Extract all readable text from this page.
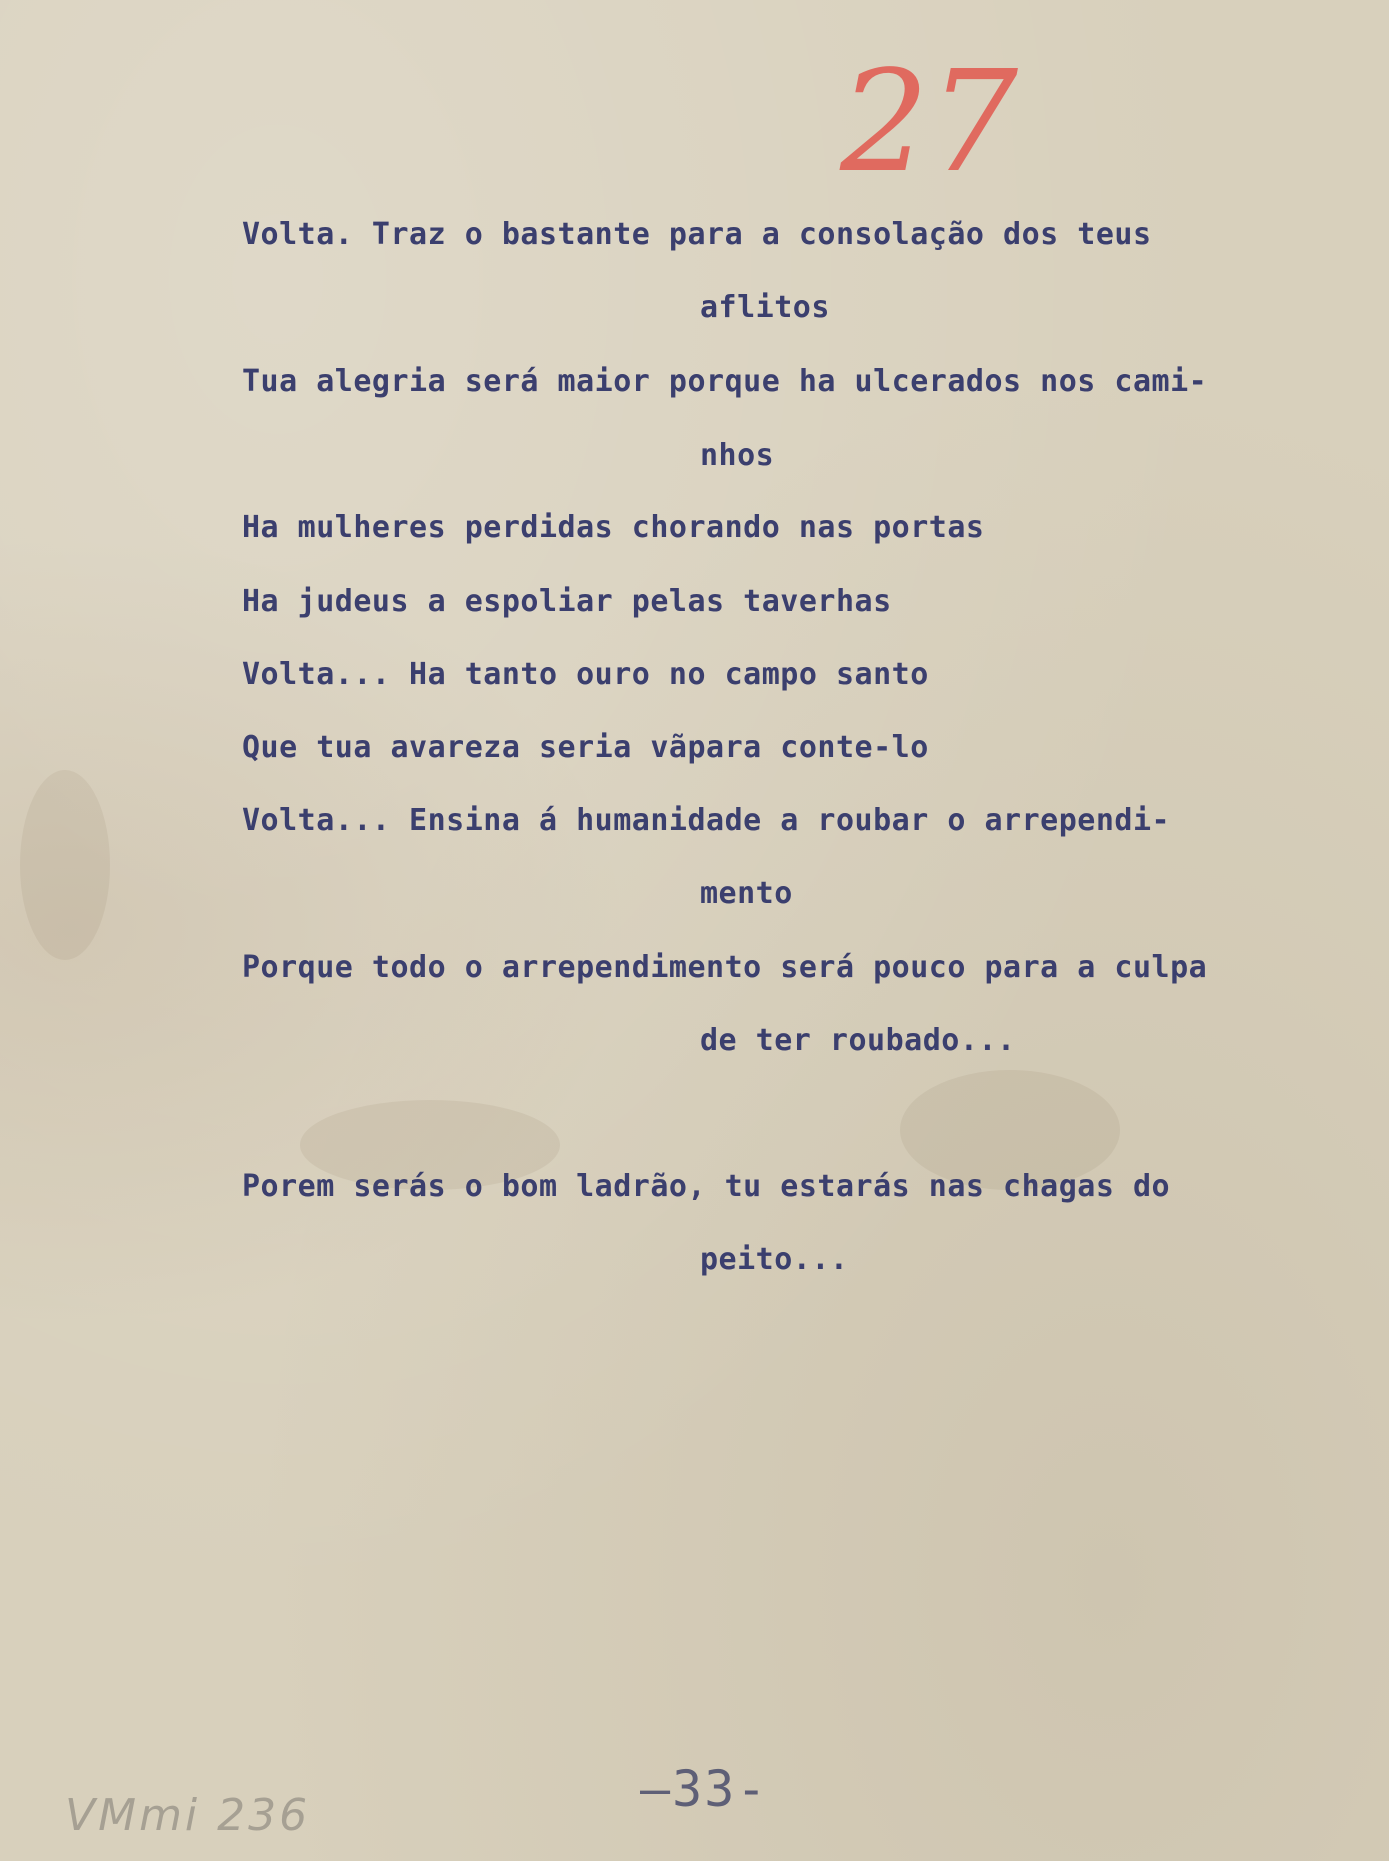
27
Volta. Traz o bastante para a consolação dos teus
aflitos
Tua alegria será maior porque ha ulcerados nos cami-
nhos
Ha mulheres perdidas chorando nas portas
Ha judeus a espoliar pelas taverhas
Volta... Ha tanto ouro no campo santo
Que tua avareza seria vãpara conte-lo
Volta... Ensina á humanidade a roubar o arrependi-
mento
Porque todo o arrependimento será pouco para a culpa
de ter roubado...
Porem serás o bom ladrão, tu estarás nas chagas do
peito...
—33-
VMmi 236
